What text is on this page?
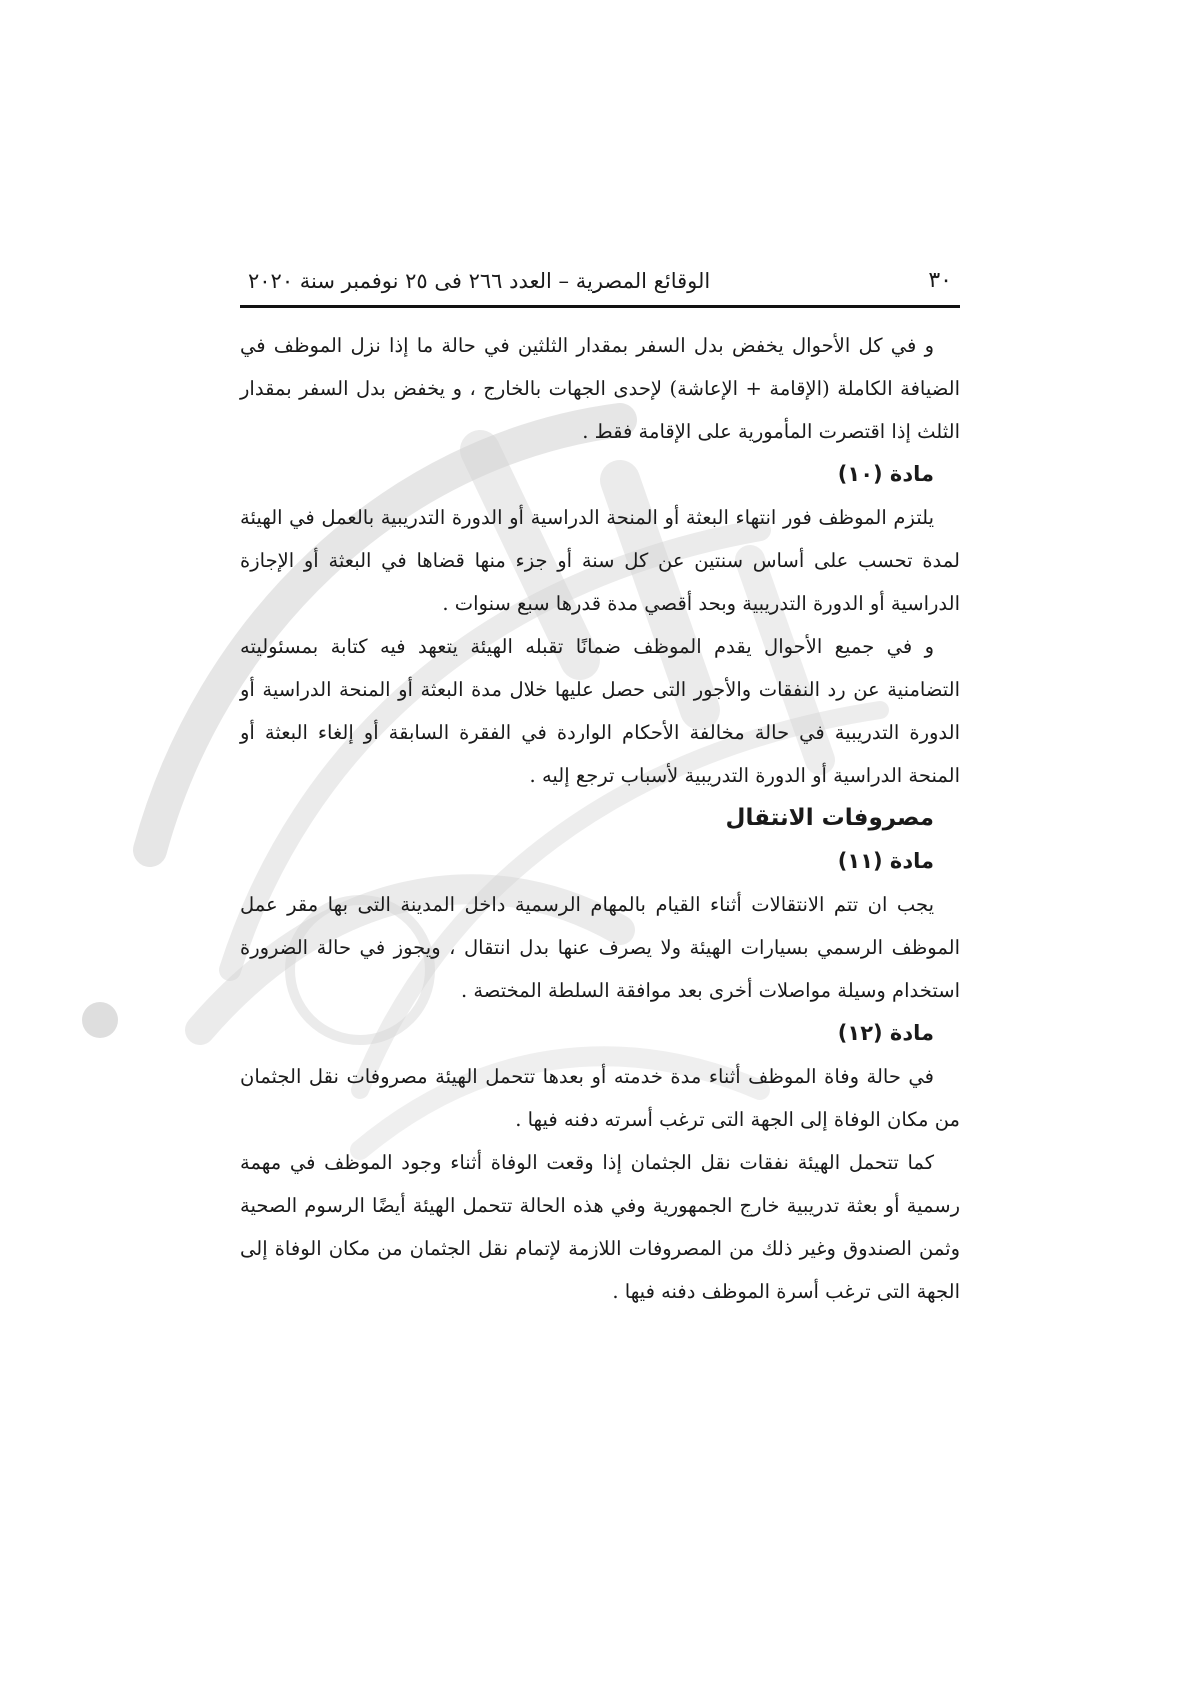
٣٠
الوقائع المصرية – العدد ٢٦٦ فى ٢٥ نوفمبر سنة ٢٠٢٠

و في كل الأحوال يخفض بدل السفر بمقدار الثلثين في حالة ما إذا نزل الموظف في الضيافة الكاملة (الإقامة + الإعاشة) لإحدى الجهات بالخارج ، و يخفض بدل السفر بمقدار الثلث إذا اقتصرت المأمورية على الإقامة فقط .

مادة (١٠)

يلتزم الموظف فور انتهاء البعثة أو المنحة الدراسية أو الدورة التدريبية بالعمل في الهيئة لمدة تحسب على أساس سنتين عن كل سنة أو جزء منها قضاها في البعثة أو الإجازة الدراسية أو الدورة التدريبية وبحد أقصي مدة قدرها سبع سنوات .

و في جميع الأحوال يقدم الموظف ضمانًا تقبله الهيئة يتعهد فيه كتابة بمسئوليته التضامنية عن رد النفقات والأجور التى حصل عليها خلال مدة البعثة أو المنحة الدراسية أو الدورة التدريبية في حالة مخالفة الأحكام الواردة في الفقرة السابقة أو إلغاء البعثة أو المنحة الدراسية أو الدورة التدريبية لأسباب ترجع إليه .

مصروفات الانتقال

مادة (١١)

يجب ان تتم الانتقالات أثناء القيام بالمهام الرسمية داخل المدينة التى بها مقر عمل الموظف الرسمي بسيارات الهيئة ولا يصرف عنها بدل انتقال ، ويجوز في حالة الضرورة استخدام وسيلة مواصلات أخرى بعد موافقة السلطة المختصة .

مادة (١٢)

في حالة وفاة الموظف أثناء مدة خدمته أو بعدها تتحمل الهيئة مصروفات نقل الجثمان من مكان الوفاة إلى الجهة التى ترغب أسرته دفنه فيها .

كما تتحمل الهيئة نفقات نقل الجثمان إذا وقعت الوفاة أثناء وجود الموظف في مهمة رسمية أو بعثة تدريبية خارج الجمهورية وفي هذه الحالة تتحمل الهيئة أيضًا الرسوم الصحية وثمن الصندوق وغير ذلك من المصروفات اللازمة لإتمام نقل الجثمان من مكان الوفاة إلى الجهة التى ترغب أسرة الموظف دفنه فيها .
